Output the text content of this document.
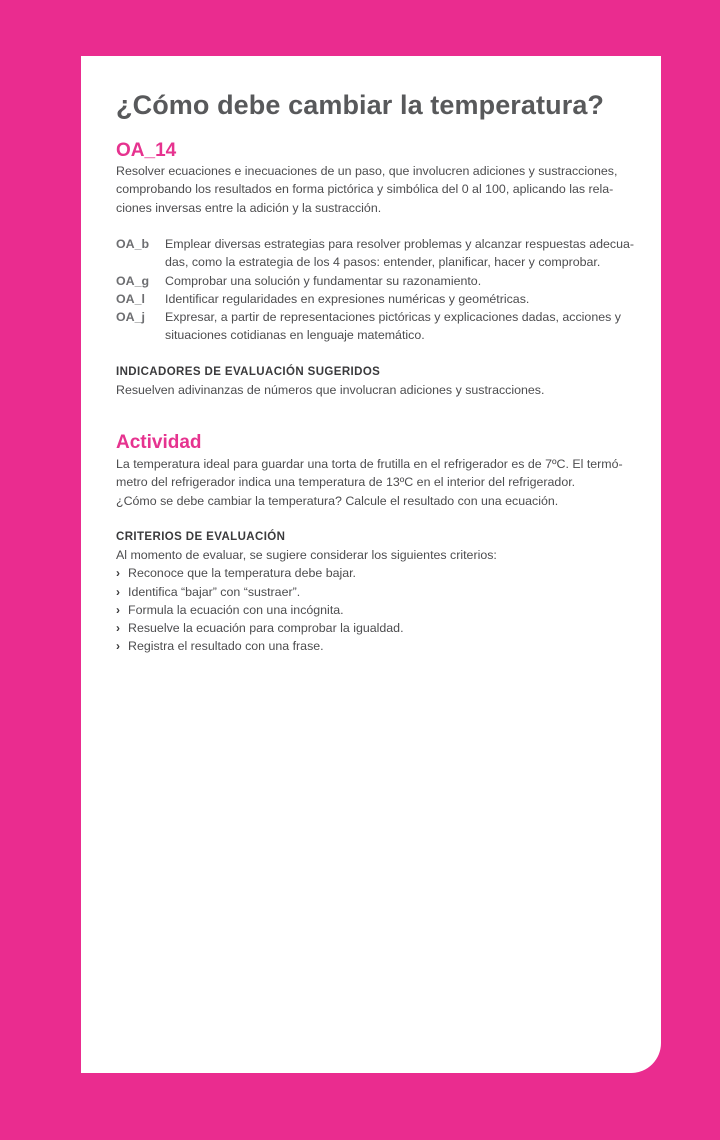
¿Cómo debe cambiar la temperatura?
OA_14

Resolver ecuaciones e inecuaciones de un paso, que involucren adiciones y sustracciones,
comprobando los resultados en forma pictórica y simbólica del 0 al 100, aplicando las rela-
ciones inversas entre la adición y la sustracción.

OA_b	Emplear diversas estrategias para resolver problemas y alcanzar respuestas adecua-
das, como la estrategia de los 4 pasos: entender, planificar, hacer y comprobar.
OA_g	Comprobar una solución y fundamentar su razonamiento.
OA_l	Identificar regularidades en expresiones numéricas y geométricas.
OA_j	Expresar, a partir de representaciones pictóricas y explicaciones dadas, acciones y
situaciones cotidianas en lenguaje matemático.
INDICADORES DE EVALUACIÓN SUGERIDOS

Resuelven adivinanzas de números que involucran adiciones y sustracciones.

Actividad

La temperatura ideal para guardar una torta de frutilla en el refrigerador es de 7ºC. El termó-
metro del refrigerador indica una temperatura de 13ºC en el interior del refrigerador.
¿Cómo se debe cambiar la temperatura? Calcule el resultado con una ecuación.

CRITERIOS DE EVALUACIÓN

Al momento de evaluar, se sugiere considerar los siguientes criterios:

› Reconoce que la temperatura debe bajar.
› Identifica “bajar” con “sustraer”.
› Formula la ecuación con una incógnita.
› Resuelve la ecuación para comprobar la igualdad.
› Registra el resultado con una frase.
